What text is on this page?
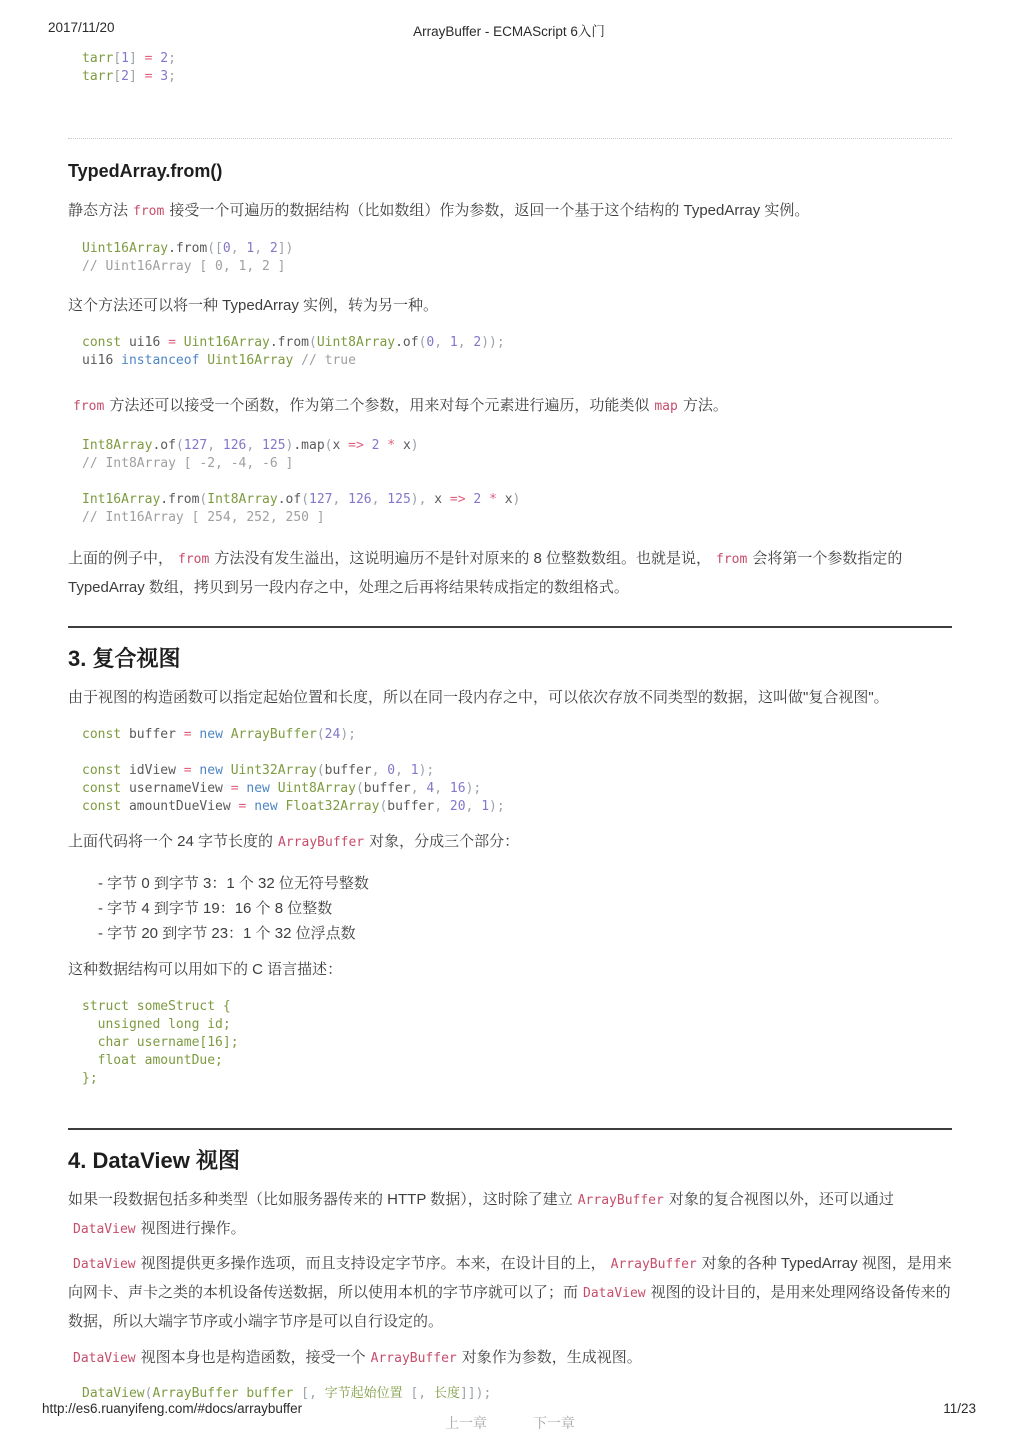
2017/11/20	ArrayBuffer - ECMAScript 6入门
tarr[1] = 2;
tarr[2] = 3;
TypedArray.from()

静态方法 from 接受一个可遍历的数据结构（比如数组）作为参数，返回一个基于这个结构的 TypedArray 实例。

Uint16Array.from([0, 1, 2])
// Uint16Array [ 0, 1, 2 ]

这个方法还可以将一种 TypedArray 实例，转为另一种。

const ui16 = Uint16Array.from(Uint8Array.of(0, 1, 2));
ui16 instanceof Uint16Array // true

from 方法还可以接受一个函数，作为第二个参数，用来对每个元素进行遍历，功能类似 map 方法。

Int8Array.of(127, 126, 125).map(x => 2 * x)
// Int8Array [ -2, -4, -6 ]

Int16Array.from(Int8Array.of(127, 126, 125), x => 2 * x)
// Int16Array [ 254, 252, 250 ]

上面的例子中， from 方法没有发生溢出，这说明遍历不是针对原来的 8 位整数数组。也就是说， from 会将第一个参数指定的 TypedArray 数组，拷贝到另一段内存之中，处理之后再将结果转成指定的数组格式。

3. 复合视图

由于视图的构造函数可以指定起始位置和长度，所以在同一段内存之中，可以依次存放不同类型的数据，这叫做"复合视图"。

const buffer = new ArrayBuffer(24);

const idView = new Uint32Array(buffer, 0, 1);
const usernameView = new Uint8Array(buffer, 4, 16);
const amountDueView = new Float32Array(buffer, 20, 1);

上面代码将一个 24 字节长度的 ArrayBuffer 对象，分成三个部分：

- 字节 0 到字节 3：1 个 32 位无符号整数
- 字节 4 到字节 19：16 个 8 位整数
- 字节 20 到字节 23：1 个 32 位浮点数

这种数据结构可以用如下的 C 语言描述：

struct someStruct {
unsigned long id;
char username[16];
float amountDue;
};
4. DataView 视图

如果一段数据包括多种类型（比如服务器传来的 HTTP 数据），这时除了建立 ArrayBuffer 对象的复合视图以外，还可以通过DataView 视图进行操作。

DataView 视图提供更多操作选项，而且支持设定字节序。本来，在设计目的上， ArrayBuffer 对象的各种 TypedArray 视图，是用来向网卡、声卡之类的本机设备传送数据，所以使用本机的字节序就可以了；而 DataView 视图的设计目的，是用来处理网络设备传来的数据，所以大端字节序或小端字节序是可以自行设定的。

DataView 视图本身也是构造函数，接受一个 ArrayBuffer 对象作为参数，生成视图。

DataView(ArrayBuffer buffer [, 字节起始位置 [, 长度]]);
上一章	下一章
http://es6.ruanyifeng.com/#docs/arraybuffer	11/23
